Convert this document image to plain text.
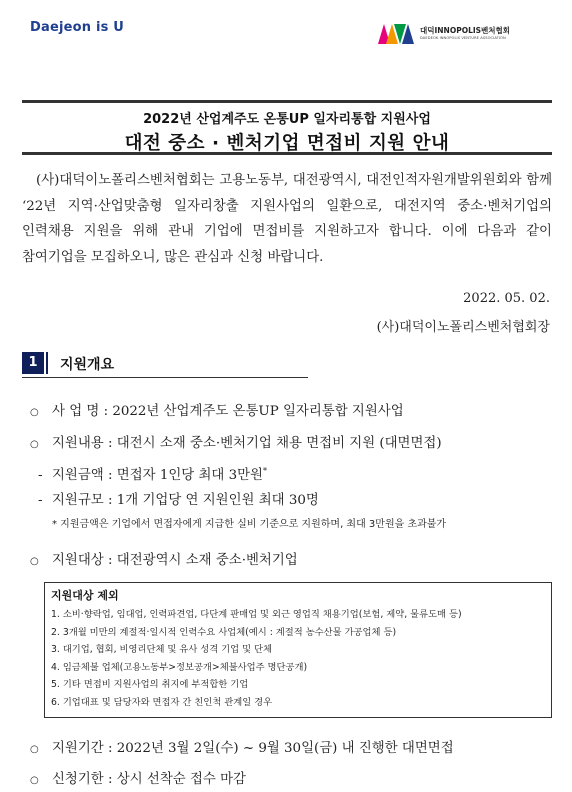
Daejeon is U	대덕INNOPOLIS벤처협회
DAEDEOK INNOPOLIS VENTURE ASSOCIATION
2022년 산업계주도 온통UP 일자리통합 지원사업
대전 중소 · 벤처기업 면접비 지원 안내

(사)대덕이노폴리스벤처협회는 고용노동부, 대전광역시, 대전인적자원개발위원회와 함께 ‘22년 지역·산업맞춤형 일자리창출 지원사업의 일환으로, 대전지역 중소·벤처기업의 인력채용 지원을 위해 관내 기업에 면접비를 지원하고자 합니다. 이에 다음과 같이 참여기업을 모집하오니, 많은 관심과 신청 바랍니다.

2022. 05. 02.
(사)대덕이노폴리스벤처협회장
1	지원개요
○ 사 업 명 : 2022년 산업계주도 온통UP 일자리통합 지원사업
○ 지원내용 : 대전시 소재 중소·벤처기업 채용 면접비 지원 (대면면접)
- 지원금액 : 면접자 1인당 최대 3만원*
- 지원규모 : 1개 기업당 연 지원인원 최대 30명
* 지원금액은 기업에서 면접자에게 지급한 실비 기준으로 지원하며, 최대 3만원을 초과불가
○ 지원대상 : 대전광역시 소재 중소·벤처기업
지원대상 제외
1. 소비·향락업, 임대업, 인력파견업, 다단계 판매업 및 외근 영업직 채용기업(보험, 제약, 물류도매 등)
2. 3개월 미만의 계절적·일시적 인력수요 사업체(예시 : 계절적 농수산물 가공업체 등)
3. 대기업, 협회, 비영리단체 및 유사 성격 기업 및 단체
4. 임금체불 업체(고용노동부>정보공개>체불사업주 명단공개)
5. 기타 면접비 지원사업의 취지에 부적합한 기업
6. 기업대표 및 담당자와 면접자 간 친인척 관계일 경우
○ 지원기간 : 2022년 3월 2일(수) ~ 9월 30일(금) 내 진행한 대면면접
○ 신청기한 : 상시 선착순 접수 마감
